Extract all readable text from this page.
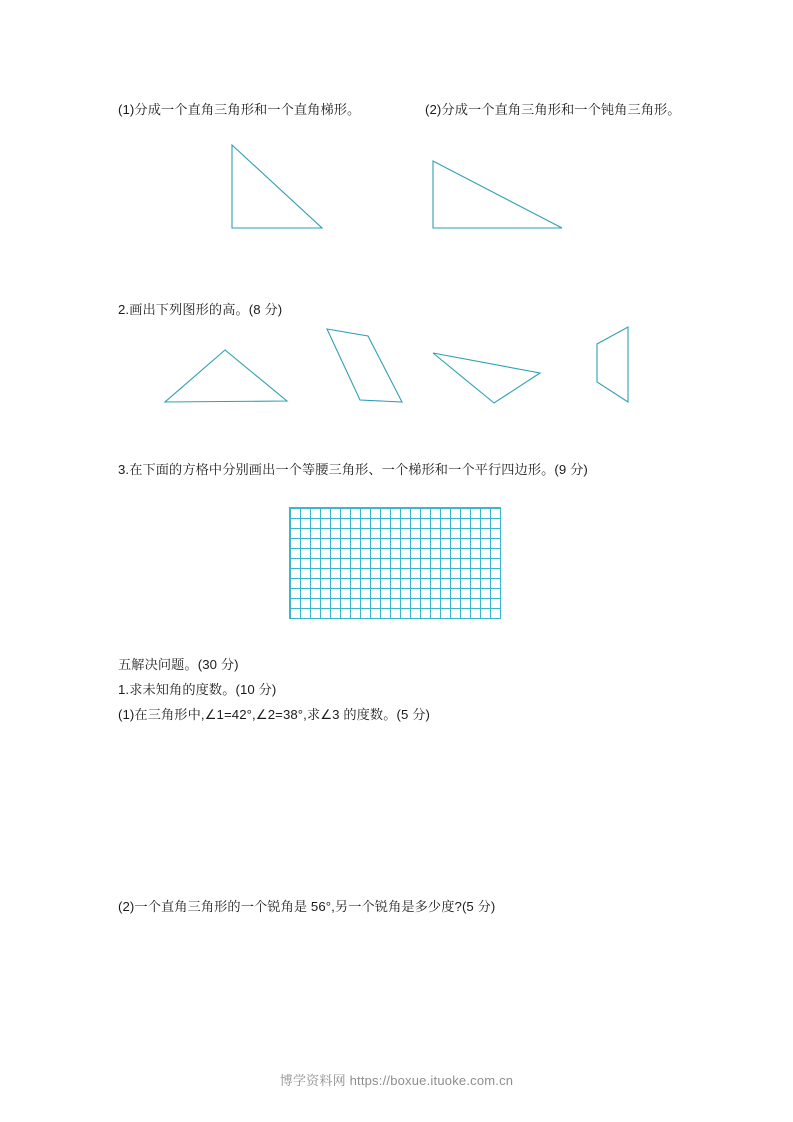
(1)分成一个直角三角形和一个直角梯形。	(2)分成一个直角三角形和一个钝角三角形。
2.画出下列图形的高。(8 分)
3.在下面的方格中分别画出一个等腰三角形、一个梯形和一个平行四边形。(9 分)
五解决问题。(30 分)
1.求未知角的度数。(10 分)
(1)在三角形中,∠1=42°,∠2=38°,求∠3 的度数。(5 分)
(2)一个直角三角形的一个锐角是 56°,另一个锐角是多少度?(5 分)
博学资料网 https://boxue.ituoke.com.cn
